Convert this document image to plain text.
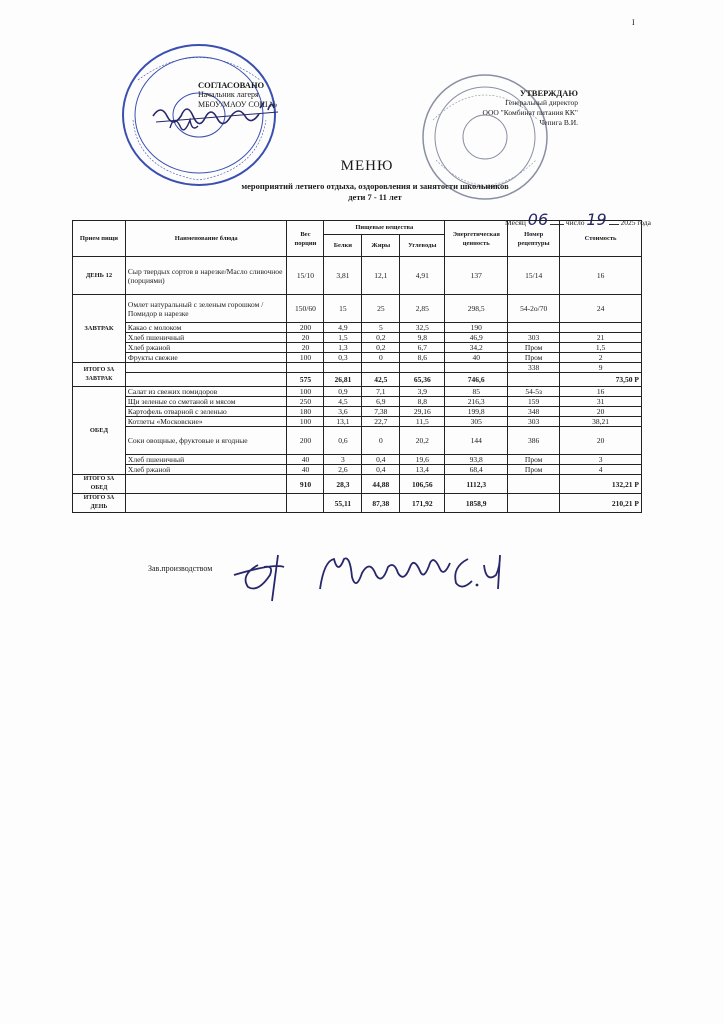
I
СОГЛАСОВАНО
Начальник лагеря
МБОУ/МАОУ СОШ №
УТВЕРЖДАЮ
Генеральный директор
ООО "Комбинат питания КК"
Чепига В.И.
МЕНЮ
мероприятий летнего отдыха, оздоровления и занятости школьников
дети 7 - 11 лет
Месяц 06 число 19 2025 года
Прием пищи	Наименование блюда	Вес порции	Пищевые вещества			Энергетическая ценность	Номер рецептуры	Стоимость
			Белки	Жиры	Углеводы			
ДЕНЬ 12	Сыр твердых сортов в нарезке/Масло сливочное (порциями)	15/10	3,81	12,1	4,91	137	15/14	16
ЗАВТРАК	Омлет натуральный с зеленым горошком /Помидор в нарезке	150/60	15	25	2,85	298,5	54-2о/70	24
	Какао с молоком	200	4,9	5	32,5	190		
	Хлеб пшеничный	20	1,5	0,2	9,8	46,9	303	21
	Хлеб ржаной	20	1,3	0,2	6,7	34,2	Пром	1,5
	Фрукты свежие	100	0,3	0	8,6	40	Пром	2
ИТОГО ЗА ЗАВТРАК							338	9
		575	26,81	42,5	65,36	746,6		73,50 Р
ОБЕД	Салат из свежих помидоров	100	0,9	7,1	3,9	85	54-5з	16
	Щи зеленые со сметаной и мясом	250	4,5	6,9	8,8	216,3	159	31
	Картофель отварной с зеленью	180	3,6	7,38	29,16	199,8	348	20
	Котлеты «Московские»	100	13,1	22,7	11,5	305	303	38,21
	Соки овощные, фруктовые и ягодные	200	0,6	0	20,2	144	386	20
	Хлеб пшеничный	40	3	0,4	19,6	93,8	Пром	3
	Хлеб ржаной	40	2,6	0,4	13,4	68,4	Пром	4
ИТОГО ЗА ОБЕД		910	28,3	44,88	106,56	1112,3		132,21 Р
ИТОГО ЗА ДЕНЬ			55,11	87,38	171,92	1858,9		210,21 Р
Зав.производством
